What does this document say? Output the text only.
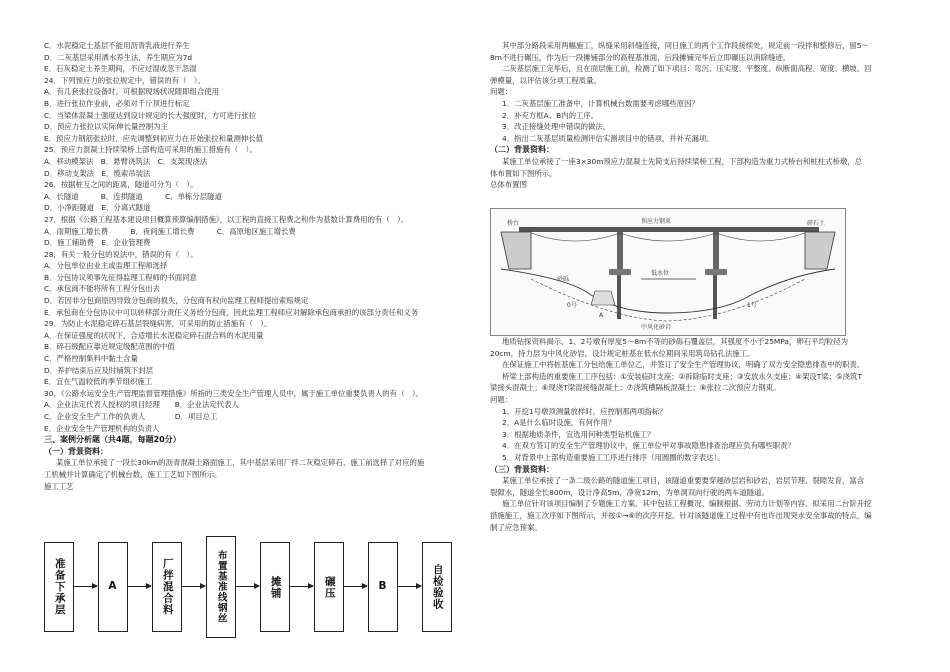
C．水泥稳定土基层不能用沥青乳液进行养生

D．二灰基层采用洒水养生法，养生期应为7d

E．石灰稳定土养生期间，不应过湿或忽干忽湿

24．下列预应力的张拉规定中，错误的有（　）。

A．有几套张拉设备时，可根据现场状况随即组合使用

B．进行张拉作业前，必须对千斤顶进行标定

C．当梁体混凝土强度达到设计规定的长大强度时，方可进行张拉

D．预应力张拉以实际伸长量控制为主

E．预应力钢筋张拉时，应先调整到初应力在开始张拉和量测伸长值

25．预应力混凝土持续梁桥上部构造可采用的施工措施有（　）。

A．移动模架法　B．悬臂浇筑法　C．支架现浇法

D．移动支架法　E．缆索吊装法

26．按据桩互之间的距离，隧道可分为（　）。

A．长隧道　　　B．连拱隧道　　　C．单栋分层隧道

D．小净距隧道　E．分离式隧道

27．根据《公路工程基本建设项目概算预算编制措施》，以工程的直接工程费之和作为基数计算费用的有（　）。

A．雨期施工增长费　　　B．夜间施工增长费　　　C．高原地区施工增长费

D．施工辅助费　E．企业管理费

28．有关一般分包的说法中，错误的有（　）。

A．分包单位由业主或监理工程师选择

B．分包协议须事先征得监理工程师的书面同意

C．承包商不能将所有工程分包出去

D．若因非分包商原因导致分包商的损失，分包商有权向监理工程师提出索赔规定

E．承包商在分包协议中可以转移部分责任义务给分包商，因此监理工程师应对解除承包商承担的该部分责任和义务

29．为防止水泥稳定碎石基层裂缝病害，可采用的防止措施有（　）。

A．在保证强度的状况下，合适增长水泥稳定碎石混合料的水泥用量

B．碎石级配应靠近规定级配范围的中值

C．严格控制集料中黏土含量

D．养护结束后应及时铺筑下封层

E．宜在气温较低的季节组织施工

30．《公路水运安全生产管理监督管理措施》所指的三类安全生产管理人员中，属于施工单位重要负责人的有（　）。

A．企业法定代表人授权的项目经理　　B．企业法定代表人

C．企业安全生产工作的负责人　　　　D．项目总工

E．企业安全生产管理机构的负责人

三、案例分析题（共4题，每题20分）

（一）背景资料：

某施工单位承接了一段长30km的沥青混凝土路面施工，其中基层采用厂拌二灰稳定碎石，施工前选择了对应的施

工机械并计算确定了机械台数，施工工艺如下图所示。

施工工艺

准备下承层	A	厂拌混合料	布置基准线钢丝	摊铺	碾压	B	自检验收

其中部分路段采用两幅施工，纵缝采用斜缝连接，同日施工的两个工作段接续处，规定前一段拌和整修后，留5～

8m不进行碾压，作为后一段摊铺部分的高程基准面，后段摊铺完毕后立即碾压以消除缝迹。

二灰基层施工完毕后，且在面层施工前，检测了如下项目：弯沉、压实度、平整度、纵断面高程、宽度、横坡、回

弹模量，以评估该分项工程质量。

问题：

1．二灰基层施工准备中，计算机械台数需要考虑哪些原因？

2．补充方框A、B内的工序。

3．改正接缝处理中错误的做法。

4．指出二灰基层质量检测评估实测项目中的错项，并补充漏项。

（二）背景资料：

某施工单位承接了一座3×30m预应力混凝土先简支后持续梁桥工程，下部构造为重力式桥台和桩柱式桥墩，总

体布置如下图所示。

总体布置图

桥台	预应力钢束	碎石土
砂砾
低水位
0号	1号
中风化砂岩
A

地质钻探资料揭示，1、2号墩有厚度5～8m不等的砂砾石覆盖层，其强度不小于25MPa，卵石平均粒径为

20cm，持力层为中风化砂岩。设计规定桩基在低水位期间采用筑岛钻孔法施工。

在保证施工中将桩基施工分包给施工单位乙，并签订了安全生产管理协议，明确了双方安全隐患排查中的职责。

桥梁上部构造的重要施工工序包括：①安装临时支座；②拆除临时支座；③安放永久支座；④架设T梁；⑤浇筑T

梁接头混凝土；⑥现浇T梁湿接缝混凝土；⑦浇筑横隔板混凝土；⑧张拉二次预应力钢束。

问题：

1．开挖1号墩顶测量放样时，应控制那两项指标？

2．A是什么临时设施，有何作用？

3．根据地质条件，宜选用何种类型钻机施工？

4．在双方签订的安全生产管理协议中，施工单位甲对事故隐患排查治理应负有哪些职责？

5．对背景中上部构造重要施工工序进行排序（用圆圈的数字表达）。

（三）背景资料：

某施工单位承接了一条二级公路的隧道施工项目，该隧道重要要穿越砂层岩和砂岩，岩层节理、裂隙发育，富含

裂隙水，隧道全长800m，设计净高5m，净宽12m，为单洞双向行驶的两车道隧道。

施工单位针对该项目编制了专题施工方案，其中包括工程概况、编制根据、劳动力计划等内容。拟采用二台阶开挖

措施施工，施工次序如下图所示，并按①→⑥的次序开挖。针对该隧道施工过程中有也许出现突水安全事故的特点，编

制了应急预案。
